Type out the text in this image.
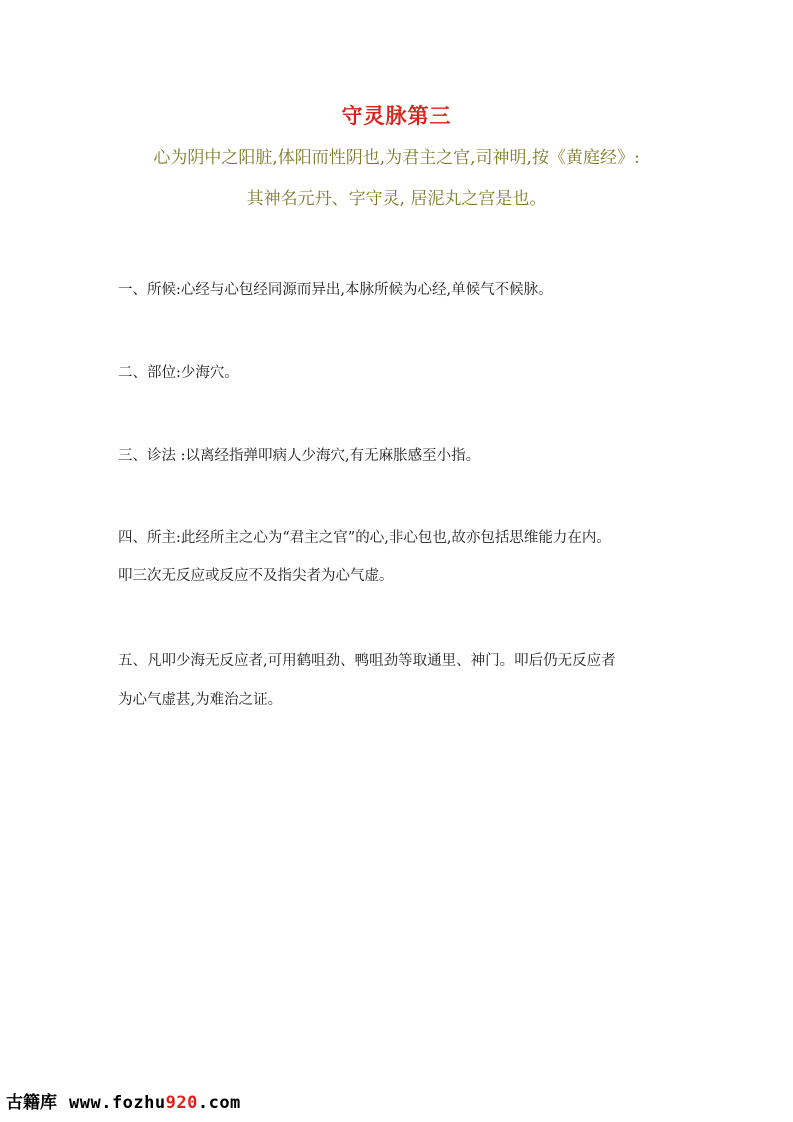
守灵脉第三
心为阴中之阳脏,体阳而性阴也,为君主之官,司神明,按《黄庭经》:
其神名元丹、字守灵, 居泥丸之宫是也。
一、所候:心经与心包经同源而异出,本脉所候为心经,单候气不候脉。
二、部位:少海穴。
三、诊法 :以离经指弹叩病人少海穴,有无麻胀感至小指。
四、所主:此经所主之心为“君主之官”的心,非心包也,故亦包括思维能力在内。
叩三次无反应或反应不及指尖者为心气虚。
五、凡叩少海无反应者,可用鹤咀劲、鸭咀劲等取通里、神门。叩后仍无反应者
为心气虚甚,为难治之证。
古籍库 www.fozhu 920 .com
